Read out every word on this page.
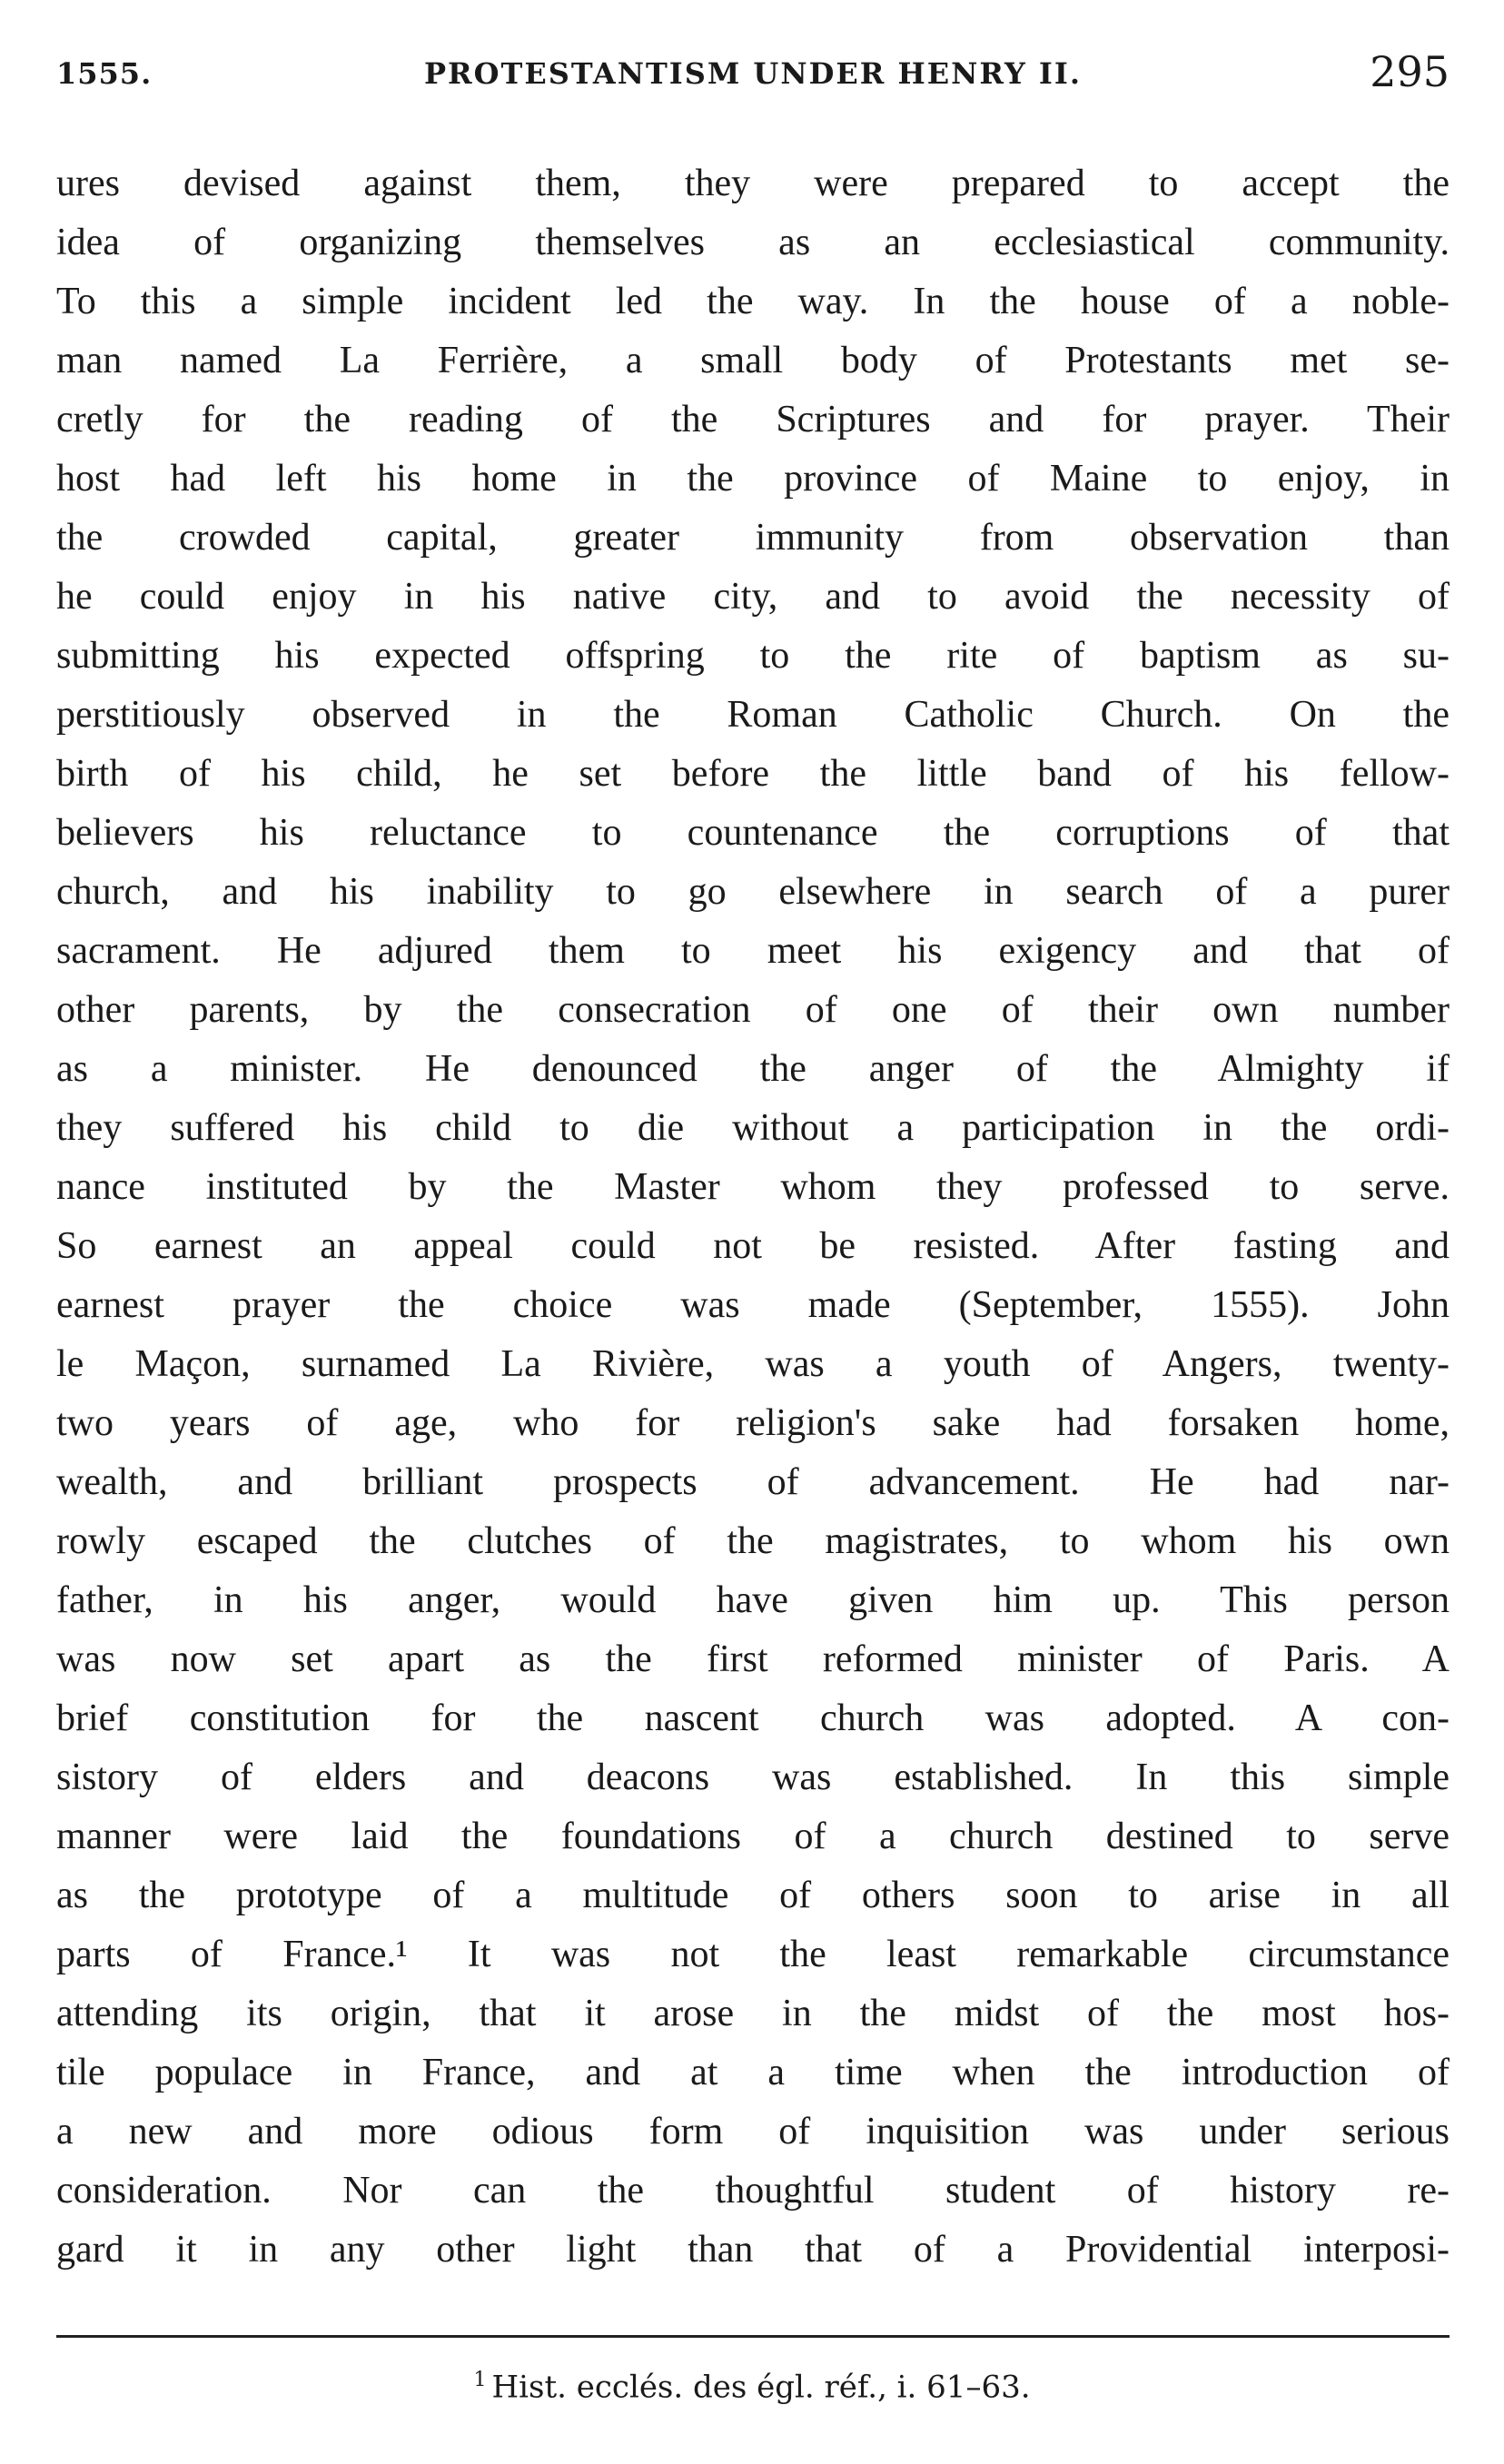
1555.	PROTESTANTISM UNDER HENRY II.	295
ures devised against them, they were prepared to accept the
idea of organizing themselves as an ecclesiastical community.
To this a simple incident led the way. In the house of a noble-
man named La Ferrière, a small body of Protestants met se-
cretly for the reading of the Scriptures and for prayer. Their
host had left his home in the province of Maine to enjoy, in
the crowded capital, greater immunity from observation than
he could enjoy in his native city, and to avoid the necessity of
submitting his expected offspring to the rite of baptism as su-
perstitiously observed in the Roman Catholic Church. On the
birth of his child, he set before the little band of his fellow-
believers his reluctance to countenance the corruptions of that
church, and his inability to go elsewhere in search of a purer
sacrament. He adjured them to meet his exigency and that of
other parents, by the consecration of one of their own number
as a minister. He denounced the anger of the Almighty if
they suffered his child to die without a participation in the ordi-
nance instituted by the Master whom they professed to serve.
So earnest an appeal could not be resisted. After fasting and
earnest prayer the choice was made (September, 1555). John
le Maçon, surnamed La Rivière, was a youth of Angers, twenty-
two years of age, who for religion's sake had forsaken home,
wealth, and brilliant prospects of advancement. He had nar-
rowly escaped the clutches of the magistrates, to whom his own
father, in his anger, would have given him up. This person
was now set apart as the first reformed minister of Paris. A
brief constitution for the nascent church was adopted. A con-
sistory of elders and deacons was established. In this simple
manner were laid the foundations of a church destined to serve
as the prototype of a multitude of others soon to arise in all
parts of France.¹ It was not the least remarkable circumstance
attending its origin, that it arose in the midst of the most hos-
tile populace in France, and at a time when the introduction of
a new and more odious form of inquisition was under serious
consideration. Nor can the thoughtful student of history re-
gard it in any other light than that of a Providential interposi-
$^1$ Hist. ecclés. des égl. réf., i. 61–63.
